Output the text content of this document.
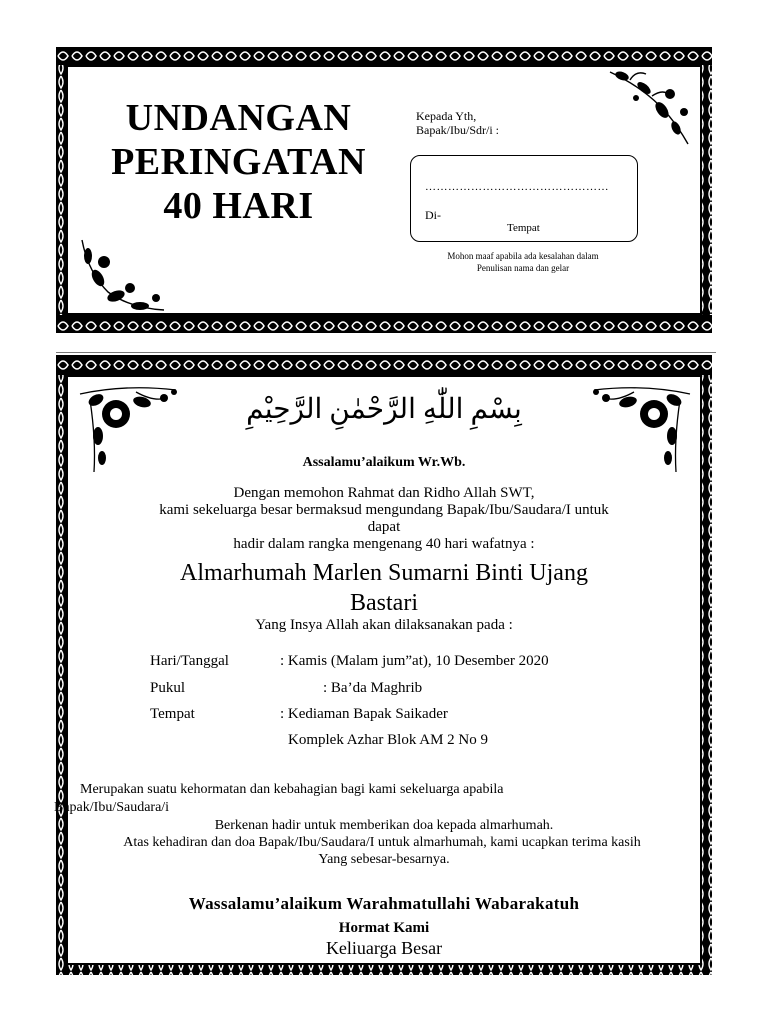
UNDANGAN
PERINGATAN
40 HARI
Kepada Yth,
Bapak/Ibu/Sdr/i :
…………………………………………
Di-
Tempat
Mohon maaf apabila ada kesalahan dalam
Penulisan nama dan gelar
بِسْمِ اللّٰهِ الرَّحْمٰنِ الرَّحِيْمِ
Assalamu’alaikum Wr.Wb.
Dengan memohon Rahmat dan Ridho Allah SWT,
kami sekeluarga besar bermaksud mengundang Bapak/Ibu/Saudara/I untuk
dapat
hadir dalam rangka mengenang 40 hari wafatnya :
Almarhumah Marlen Sumarni Binti Ujang
Bastari
Yang Insya Allah akan dilaksanakan pada :
Hari/Tanggal	: Kamis (Malam jum”at), 10 Desember 2020
Pukul	: Ba’da Maghrib
Tempat	: Kediaman Bapak Saikader
Komplek Azhar Blok AM 2 No 9
Merupakan suatu kehormatan dan kebahagian bagi kami sekeluarga apabila
Bapak/Ibu/Saudara/i
Berkenan hadir untuk memberikan doa kepada almarhumah.
Atas kehadiran dan doa Bapak/Ibu/Saudara/I untuk almarhumah, kami ucapkan terima kasih
Yang sebesar-besarnya.
Wassalamu’alaikum Warahmatullahi Wabarakatuh
Hormat Kami
Keliuarga Besar
